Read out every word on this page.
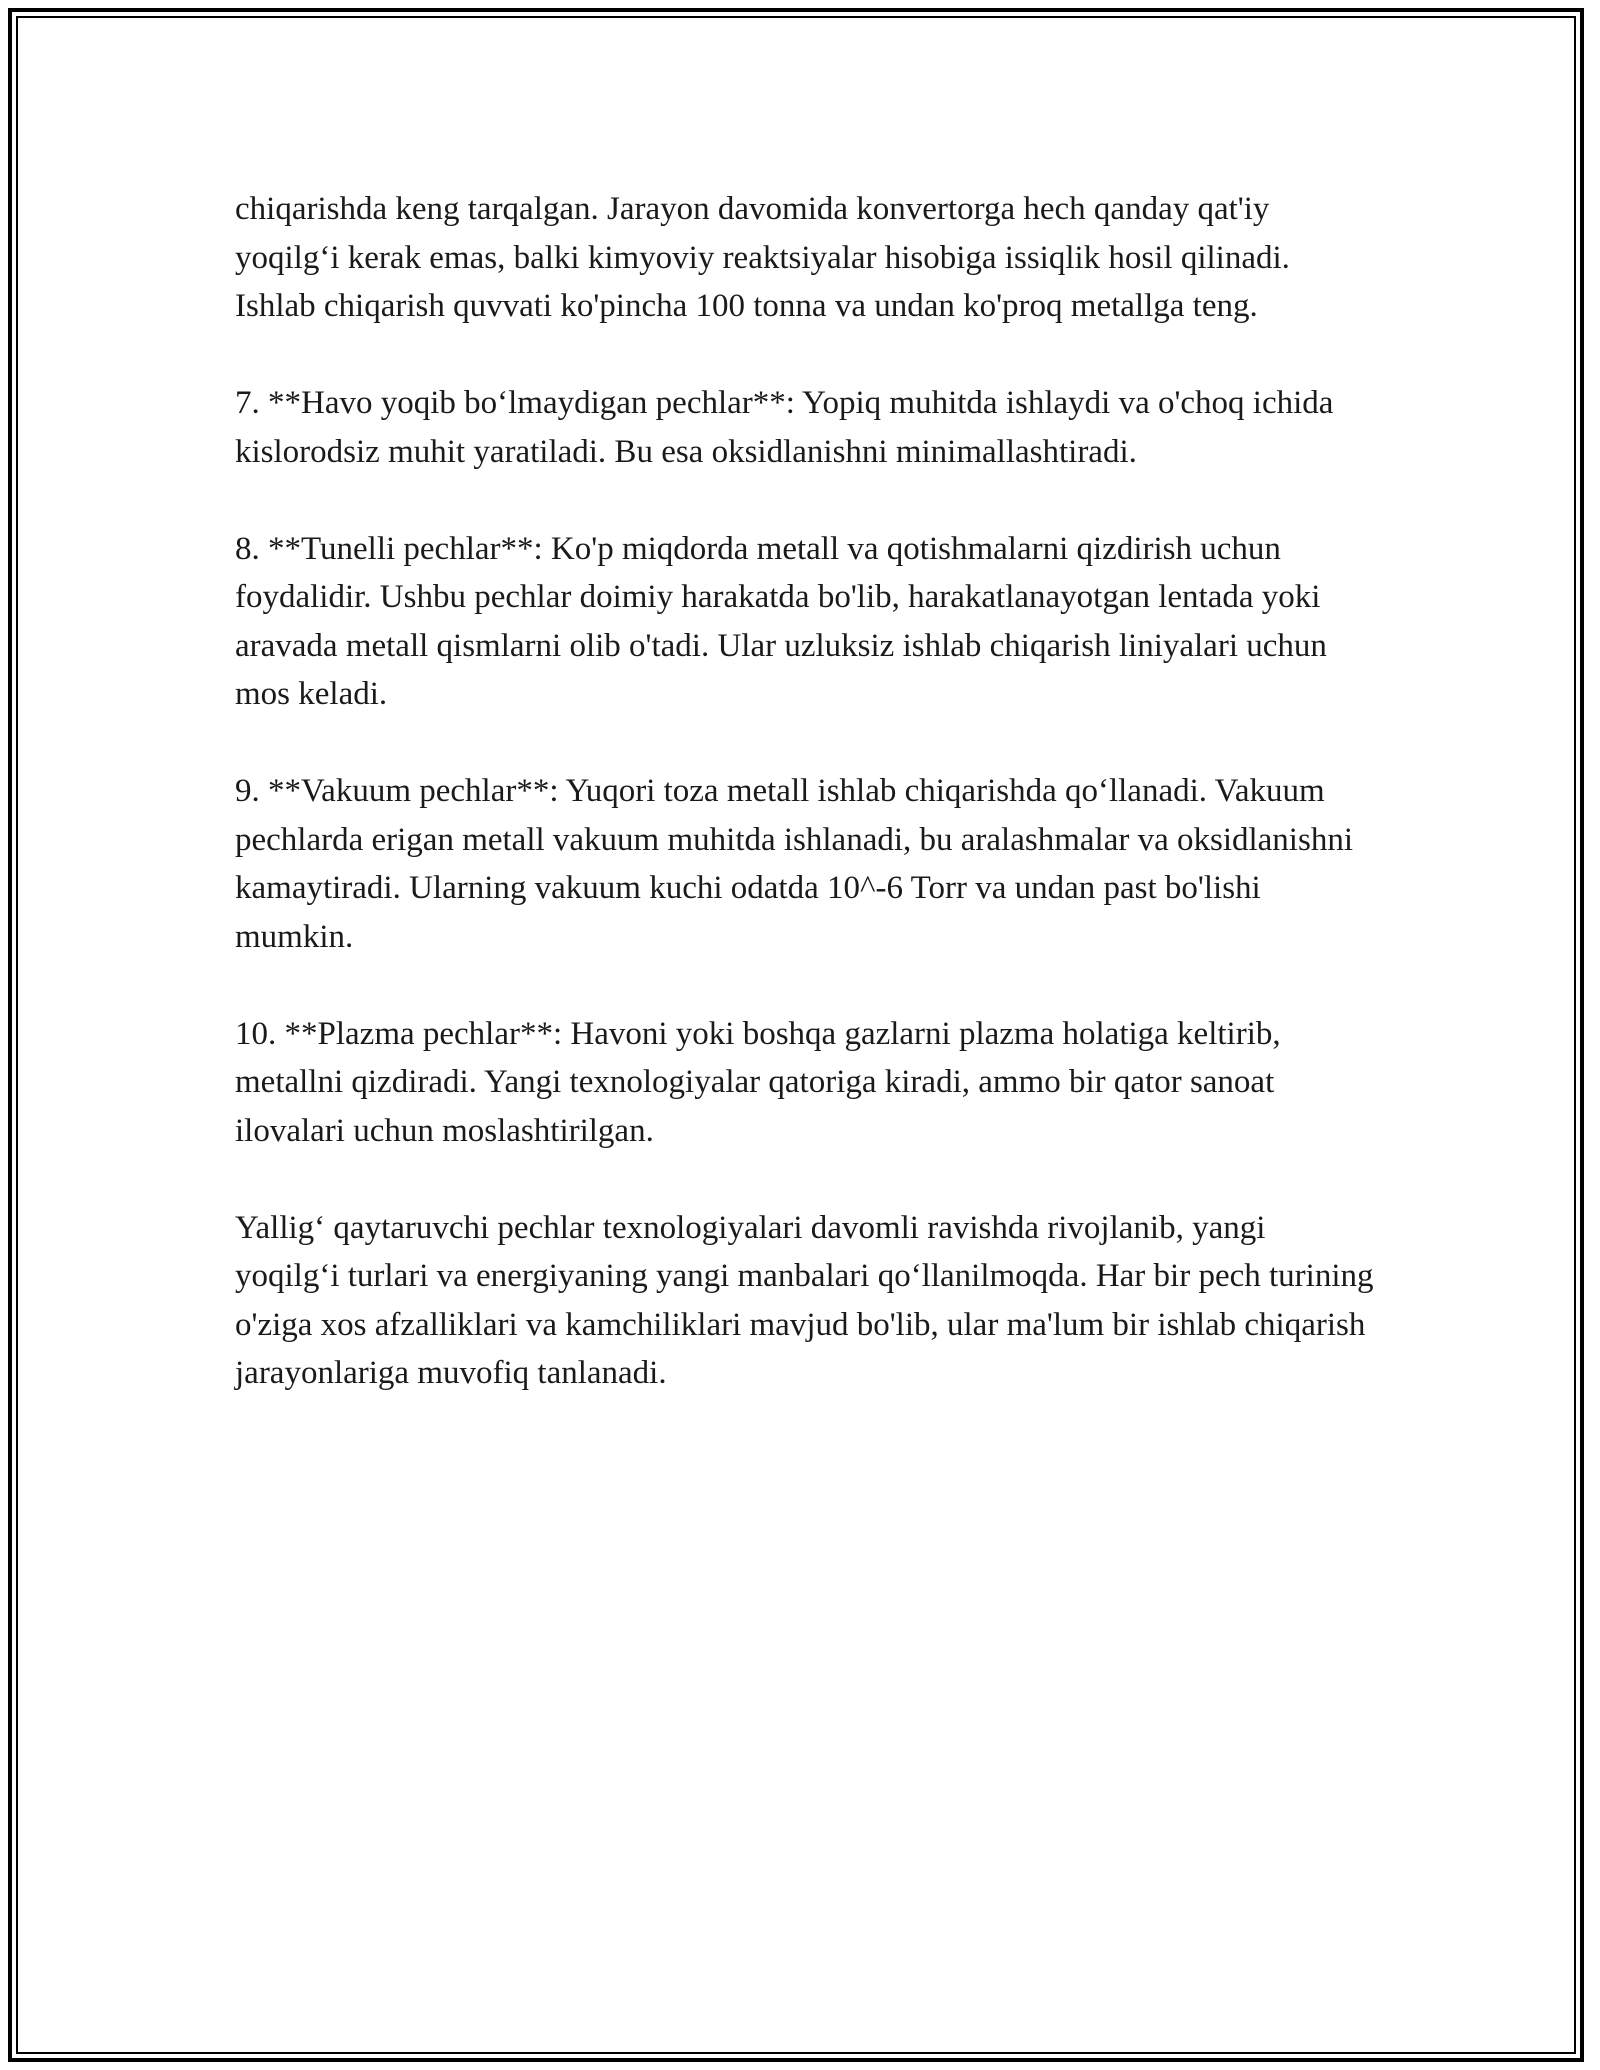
chiqarishda keng tarqalgan. Jarayon davomida konvertorga hech qanday qat'iy yoqilg‘i kerak emas, balki kimyoviy reaktsiyalar hisobiga issiqlik hosil qilinadi. Ishlab chiqarish quvvati ko'pincha 100 tonna va undan ko'proq metallga teng.

7. **Havo yoqib bo‘lmaydigan pechlar**: Yopiq muhitda ishlaydi va o'choq ichida kislorodsiz muhit yaratiladi. Bu esa oksidlanishni minimallashtiradi.

8. **Tunelli pechlar**: Ko'p miqdorda metall va qotishmalarni qizdirish uchun foydalidir. Ushbu pechlar doimiy harakatda bo'lib, harakatlanayotgan lentada yoki aravada metall qismlarni olib o'tadi. Ular uzluksiz ishlab chiqarish liniyalari uchun mos keladi.

9. **Vakuum pechlar**: Yuqori toza metall ishlab chiqarishda qo‘llanadi. Vakuum pechlarda erigan metall vakuum muhitda ishlanadi, bu aralashmalar va oksidlanishni kamaytiradi. Ularning vakuum kuchi odatda 10^-6 Torr va undan past bo'lishi mumkin.

10. **Plazma pechlar**: Havoni yoki boshqa gazlarni plazma holatiga keltirib, metallni qizdiradi. Yangi texnologiyalar qatoriga kiradi, ammo bir qator sanoat ilovalari uchun moslashtirilgan.

Yallig‘ qaytaruvchi pechlar texnologiyalari davomli ravishda rivojlanib, yangi yoqilg‘i turlari va energiyaning yangi manbalari qo‘llanilmoqda. Har bir pech turining o'ziga xos afzalliklari va kamchiliklari mavjud bo'lib, ular ma'lum bir ishlab chiqarish jarayonlariga muvofiq tanlanadi.
